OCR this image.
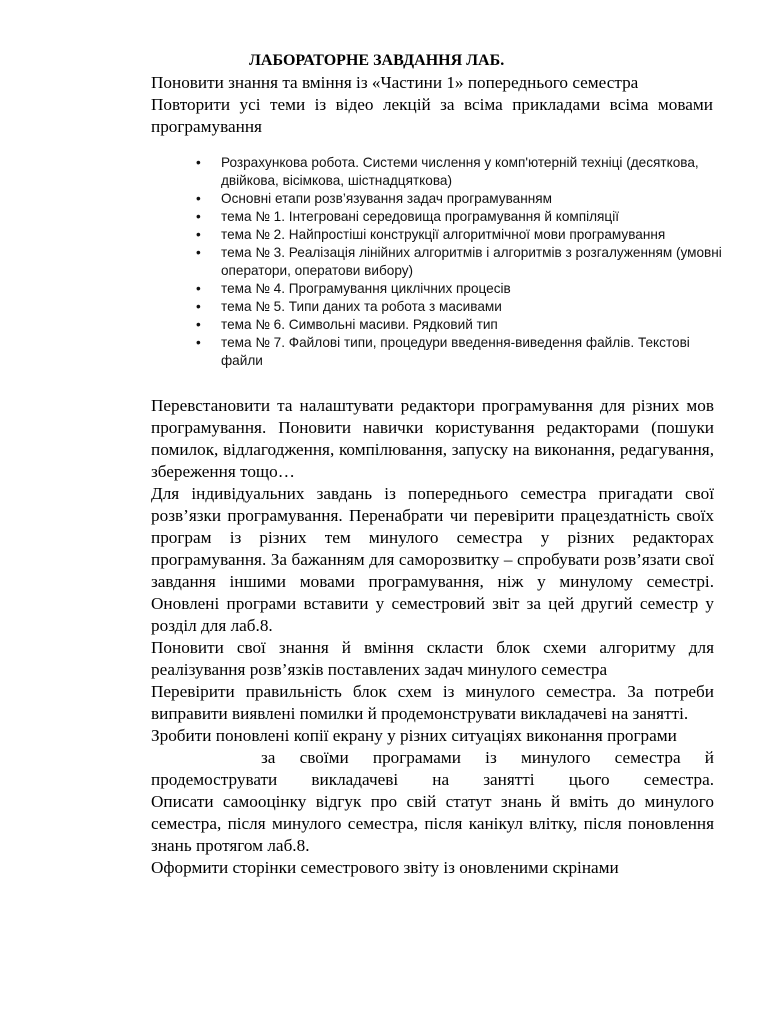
ЛАБОРАТОРНЕ ЗАВДАННЯ ЛАБ.

Поновити знання та вміння із «Частини 1» попереднього семестра

Повторити усі теми із відео лекцій за всіма прикладами всіма мовами програмування

• Розрахункова робота. Системи числення у комп'ютерній техніці (десяткова, двійкова, вісімкова, шістнадцяткова)
• Основні етапи розв’язування задач програмуванням
• тема № 1. Інтегровані середовища програмування й компіляції
• тема № 2. Найпростіші конструкції алгоритмічної мови програмування
• тема № 3. Реалізація лінійних алгоритмів і алгоритмів з розгалуженням (умовні оператори, оператови вибору)
• тема № 4. Програмування циклічних процесів
• тема № 5. Типи даних та робота з масивами
• тема № 6. Символьні масиви. Рядковий тип
• тема № 7. Файлові типи, процедури введення-виведення файлів. Текстові файли

Перевстановити та налаштувати редактори програмування для різних мов програмування. Поновити навички користування редакторами (пошуки помилок, відлагодження, компілювання, запуску на виконання, редагування, збереження тощо…

Для індивідуальних завдань із попереднього семестра пригадати свої розв’язки програмування. Перенабрати чи перевірити працездатність своїх програм із різних тем минулого семестра у різних редакторах програмування. За бажанням для саморозвитку – спробувати розв’язати свої завдання іншими мовами програмування, ніж у минулому семестрі. Оновлені програми вставити у семестровий звіт за цей другий семестр у розділ для лаб.8.

Поновити свої знання й вміння скласти блок схеми алгоритму для реалізування розв’язків поставлених задач минулого семестра

Перевірити правильність блок схем із минулого семестра. За потреби виправити виявлені помилки й продемонструвати викладачеві на занятті.

Зробити поновлені копії екрану у різних ситуаціях виконання програми

за своїми програмами із минулого семестра й продемострувати викладачеві на занятті цього семестра.

Описати самооцінку відгук про свій статут знань й вміть до минулого семестра, після минулого семестра, після канікул влітку, після поновлення знань протягом лаб.8.

Оформити сторінки семестрового звіту із оновленими скрінами
